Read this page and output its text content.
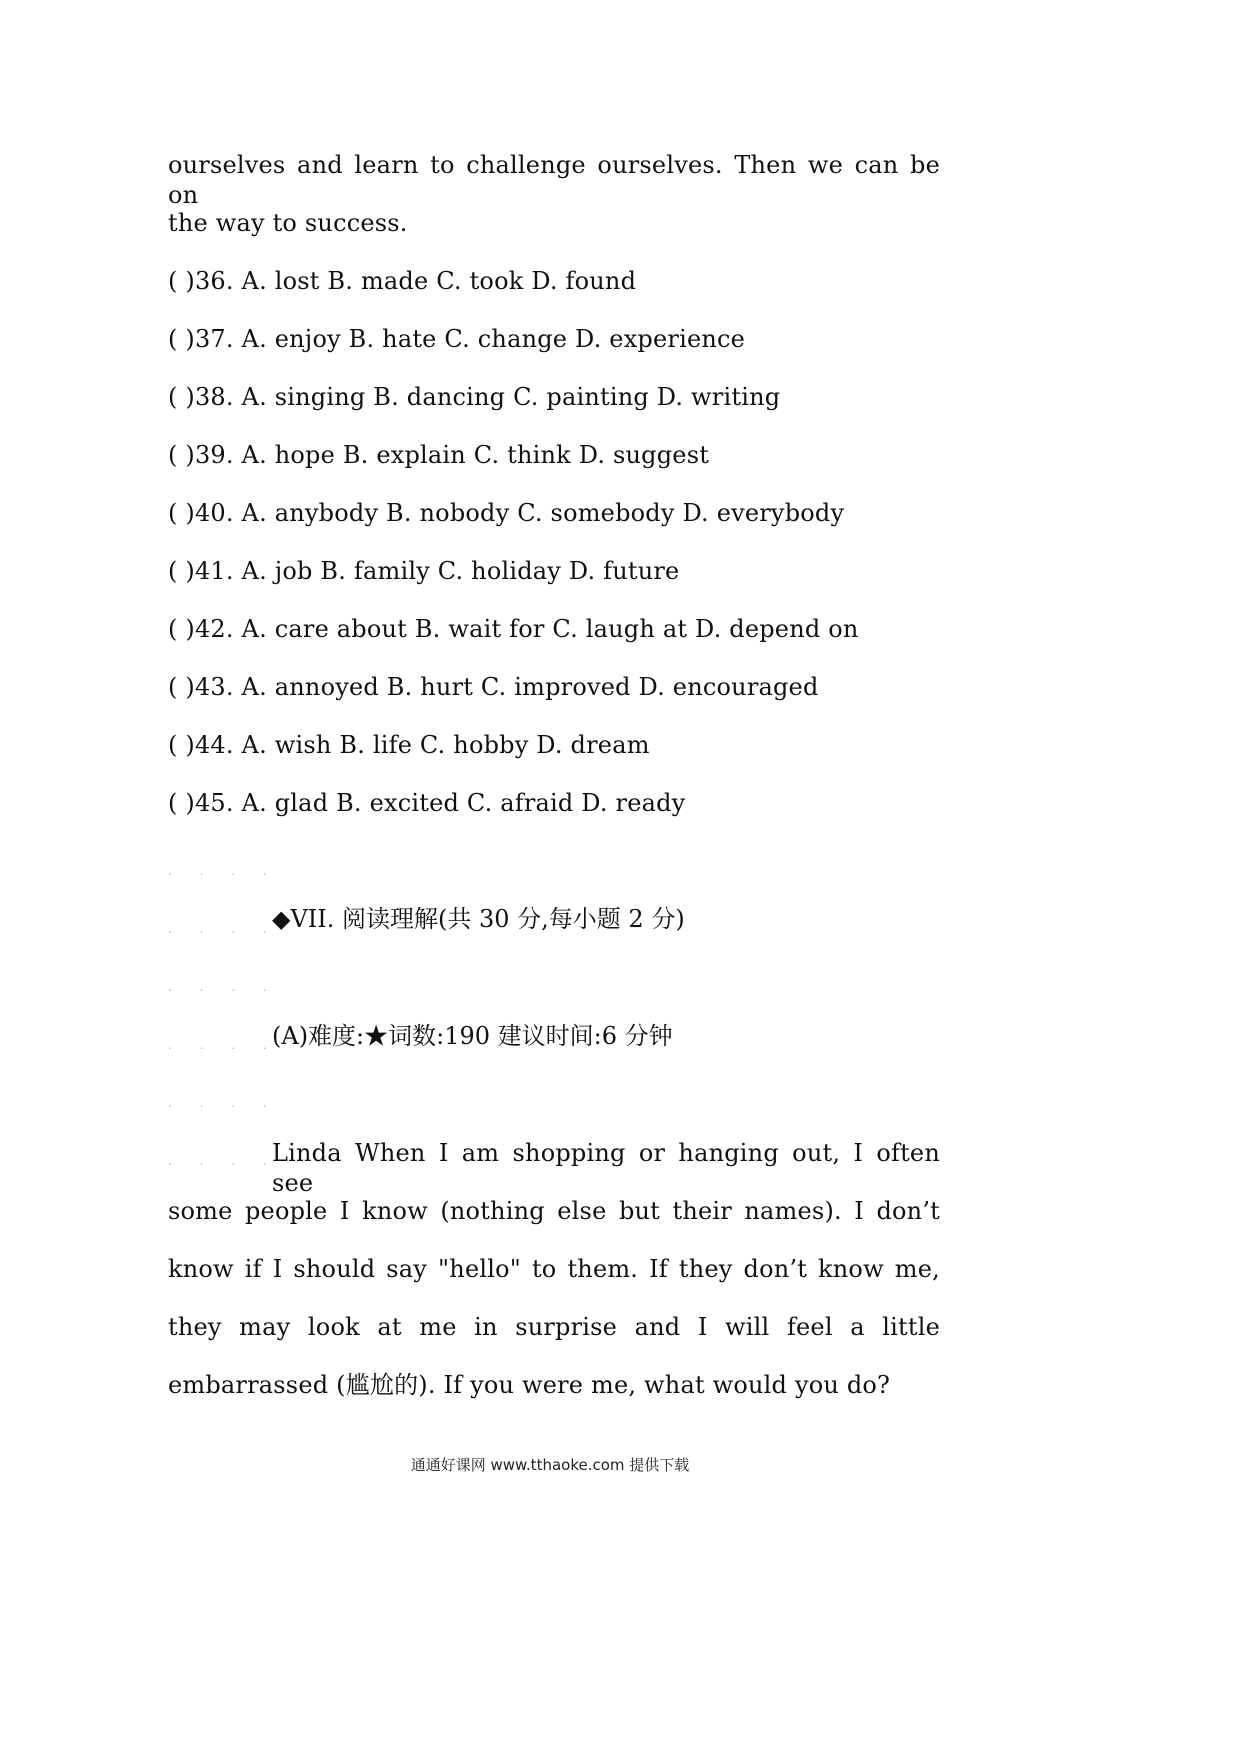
ourselves and learn to challenge ourselves. Then we can be on
the way to success.
( )36. A. lost B. made C. took D. found
( )37. A. enjoy B. hate C. change D. experience
( )38. A. singing B. dancing C. painting D. writing
( )39. A. hope B. explain C. think D. suggest
( )40. A. anybody B. nobody C. somebody D. everybody
( )41. A. job B. family C. holiday D. future
( )42. A. care about B. wait for C. laugh at D. depend on
( )43. A. annoyed B. hurt C. improved D. encouraged
( )44. A. wish B. life C. hobby D. dream
( )45. A. glad B. excited C. afraid D. ready
. . . .
. . . .
◆VII. 阅读理解(共 30 分,每小题 2 分)
. . . .
. . . .
(A)难度:★词数:190 建议时间:6 分钟
. . . .
. . . .
Linda When I am shopping or hanging out, I often see
some people I know (nothing else but their names). I don’t
know if I should say "hello" to them. If they don’t know me,
they may look at me in surprise and I will feel a little
embarrassed (尴尬的). If you were me, what would you do?
通通好课网 www.tthaoke.com 提供下载
